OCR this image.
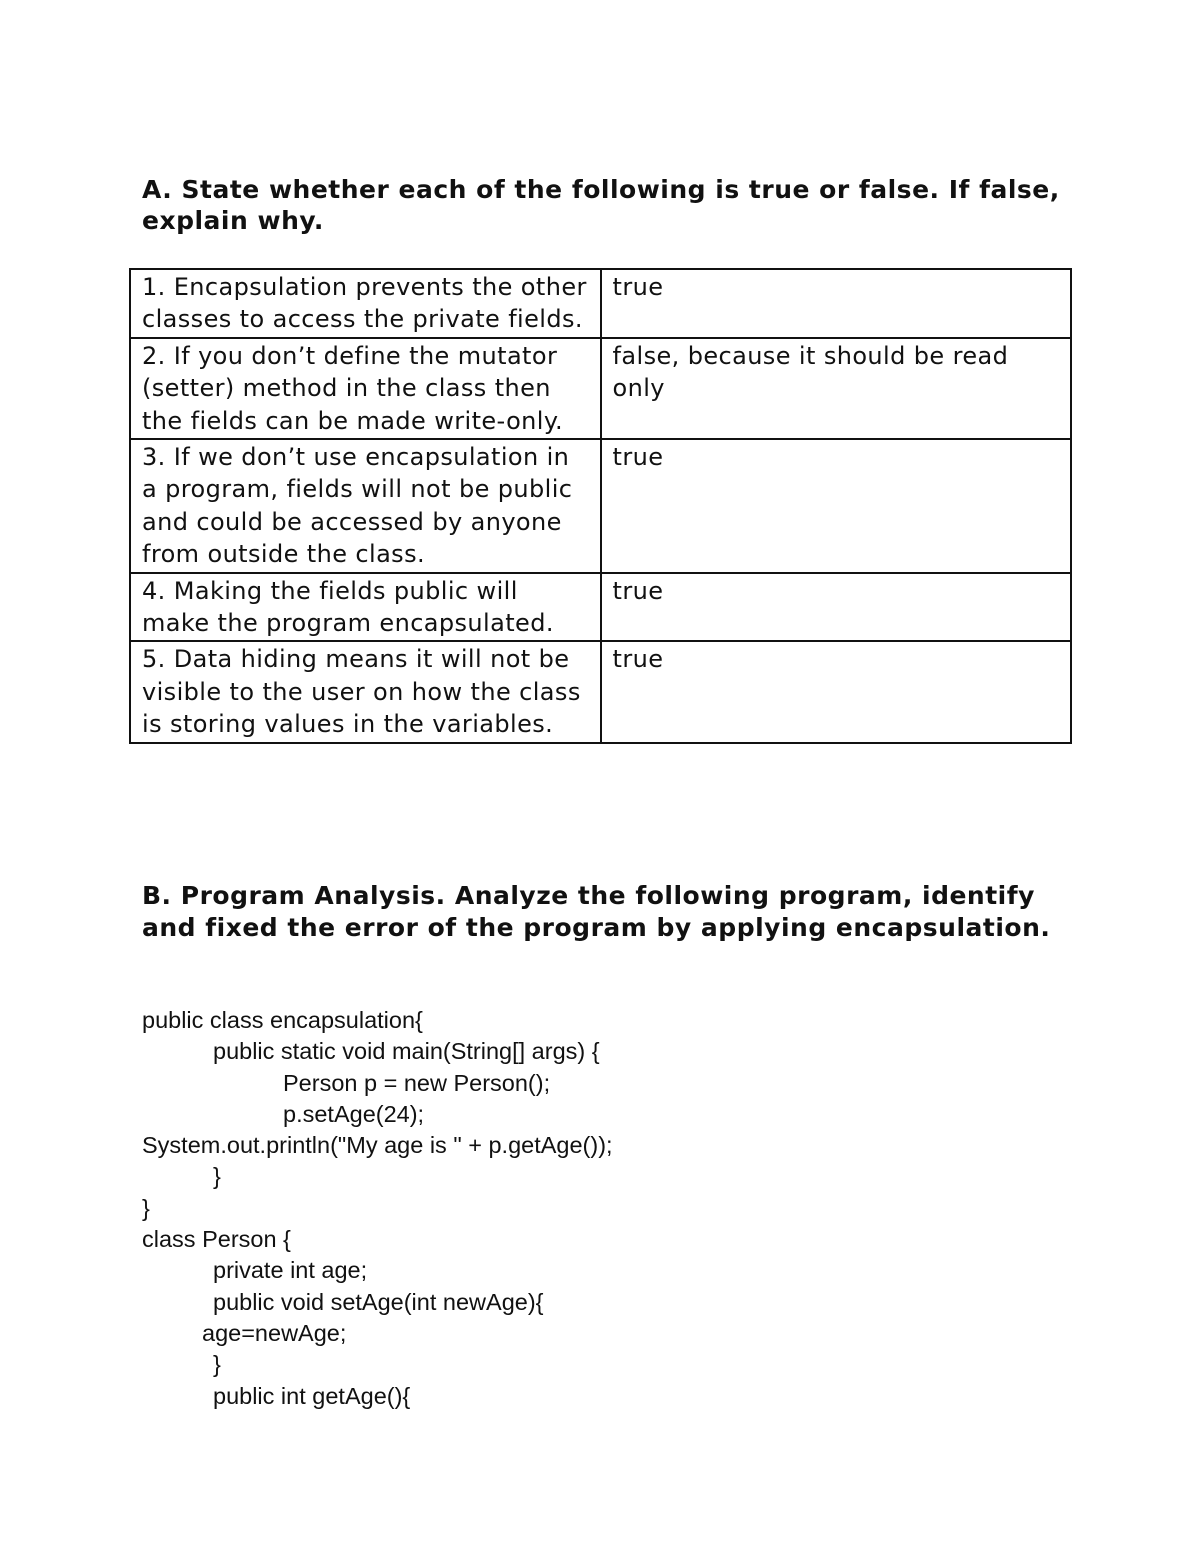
A. State whether each of the following is true or false. If false, explain why.
1. Encapsulation prevents the other classes to access the private fields.	true
2. If you don’t define the mutator (setter) method in the class then the fields can be made write-only.	false, because it should be read only
3. If we don’t use encapsulation in a program, fields will not be public and could be accessed by anyone from outside the class.	true
4. Making the fields public will make the program encapsulated.	true
5. Data hiding means it will not be visible to the user on how the class is storing values in the variables.	true
B. Program Analysis. Analyze the following program, identify and fixed the error of the program by applying encapsulation.
public class encapsulation{
public static void main(String[] args) {
Person p = new Person();
p.setAge(24);
System.out.println("My age is " + p.getAge());
}
}
class Person {
private int age;
public void setAge(int newAge){
age=newAge;
}
public int getAge(){
